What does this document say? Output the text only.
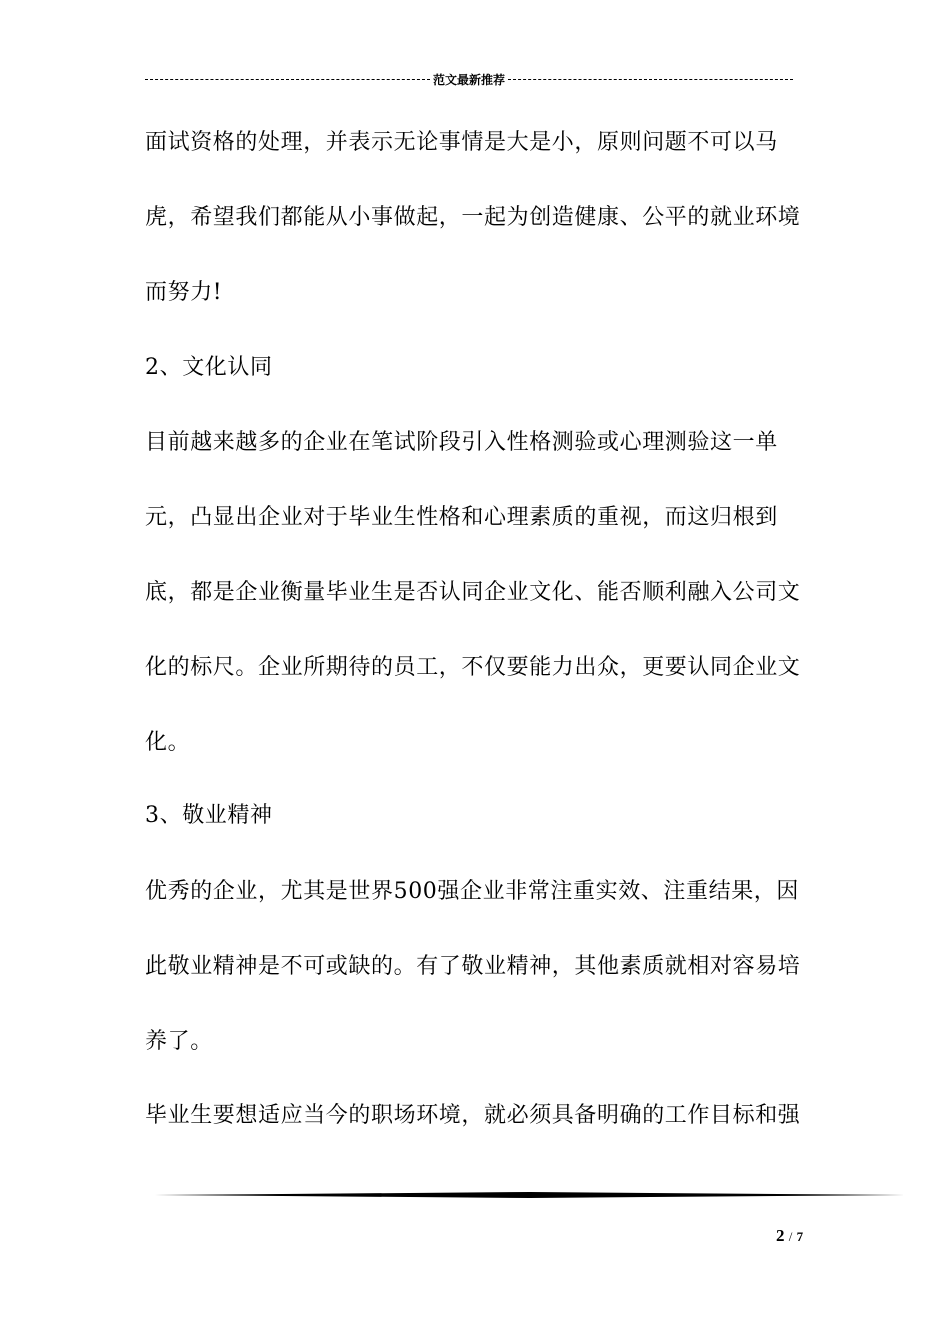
范文最新推荐
面试资格的处理，并表示无论事情是大是小，原则问题不可以马
虎，希望我们都能从小事做起，一起为创造健康、公平的就业环境
而努力!
2、文化认同
目前越来越多的企业在笔试阶段引入性格测验或心理测验这一单
元，凸显出企业对于毕业生性格和心理素质的重视，而这归根到
底，都是企业衡量毕业生是否认同企业文化、能否顺利融入公司文
化的标尺。企业所期待的员工，不仅要能力出众，更要认同企业文
化。
3、敬业精神
优秀的企业，尤其是世界500强企业非常注重实效、注重结果，因
此敬业精神是不可或缺的。有了敬业精神，其他素质就相对容易培
养了。
毕业生要想适应当今的职场环境，就必须具备明确的工作目标和强
2 / 7
